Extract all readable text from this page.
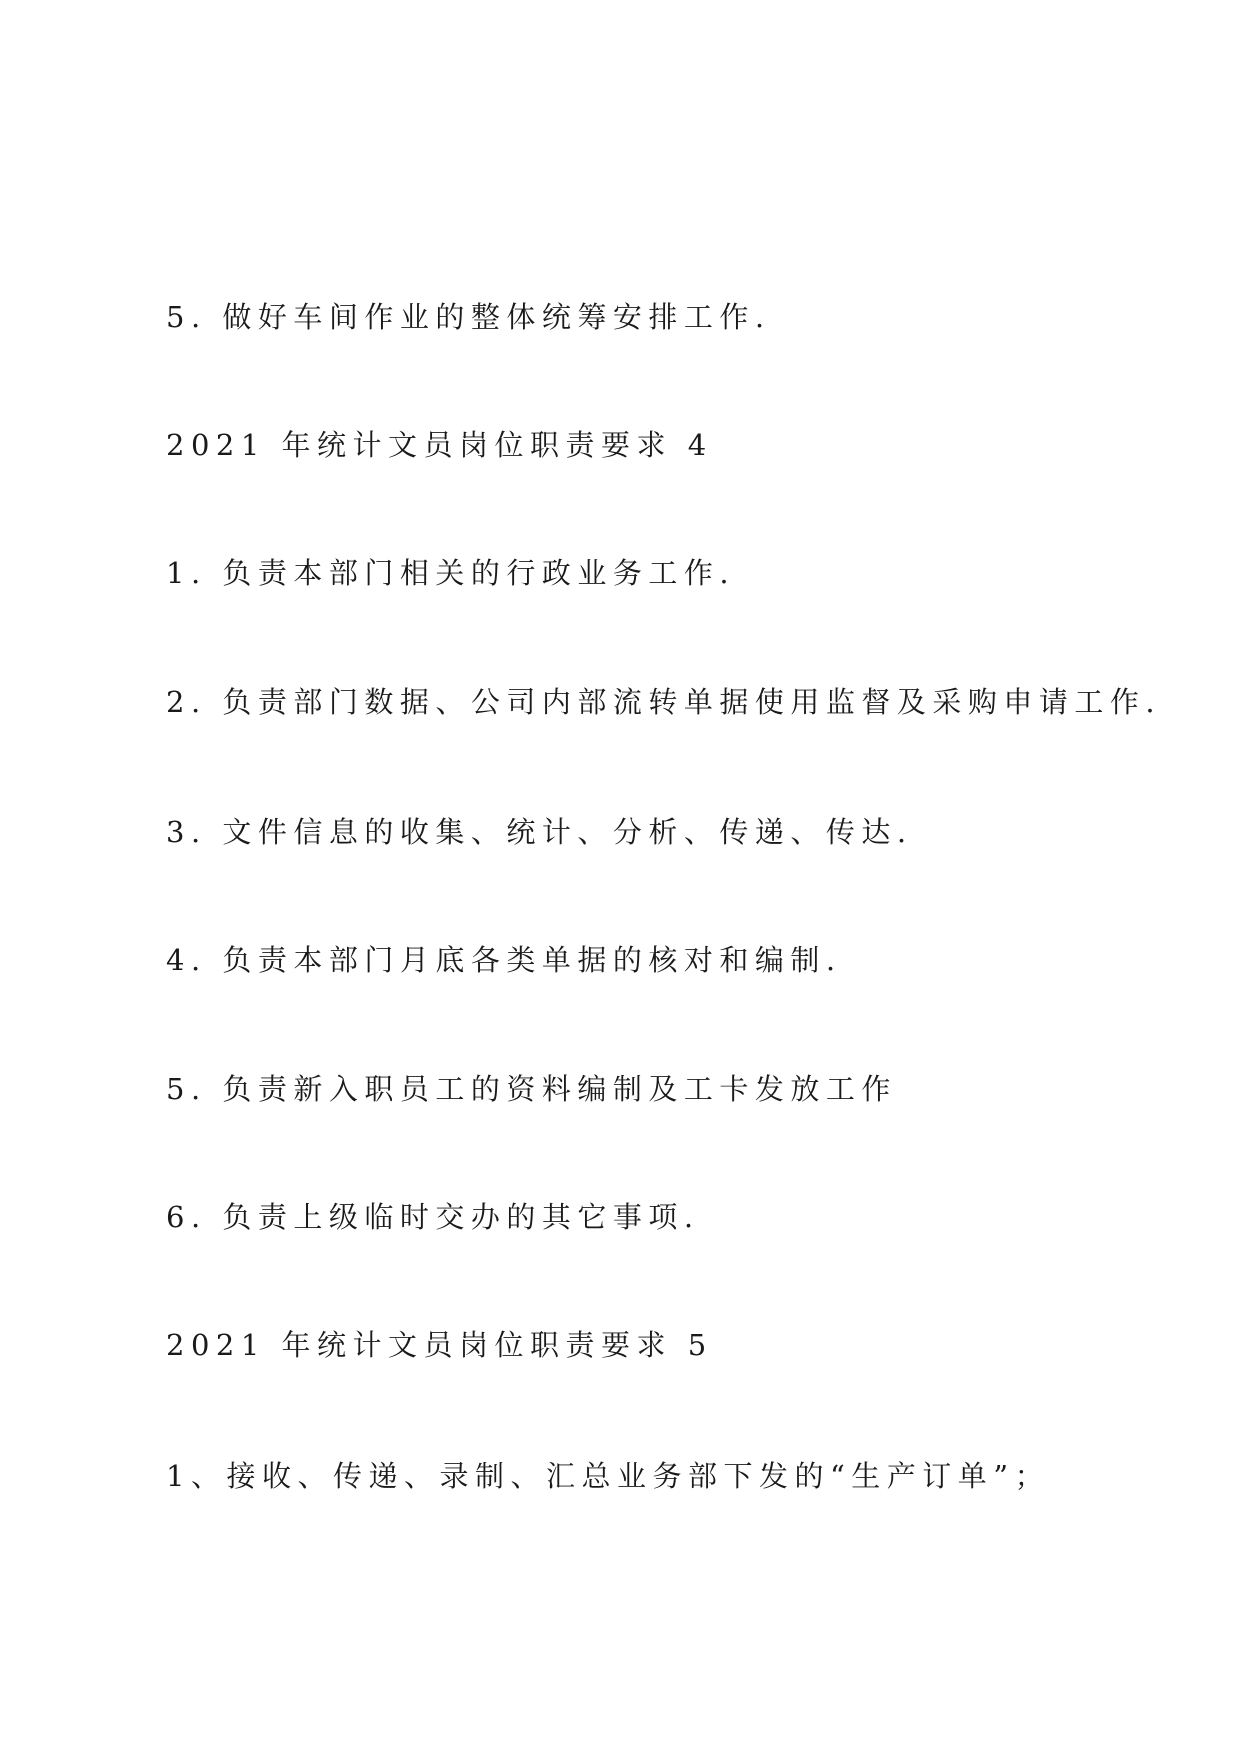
5. 做好车间作业的整体统筹安排工作.

2021 年统计文员岗位职责要求 4

1. 负责本部门相关的行政业务工作.

2. 负责部门数据、公司内部流转单据使用监督及采购申请工作.

3. 文件信息的收集、统计、分析、传递、传达.

4. 负责本部门月底各类单据的核对和编制.

5. 负责新入职员工的资料编制及工卡发放工作

6. 负责上级临时交办的其它事项.

2021 年统计文员岗位职责要求 5

1、接收、传递、录制、汇总业务部下发的“生产订单”；
